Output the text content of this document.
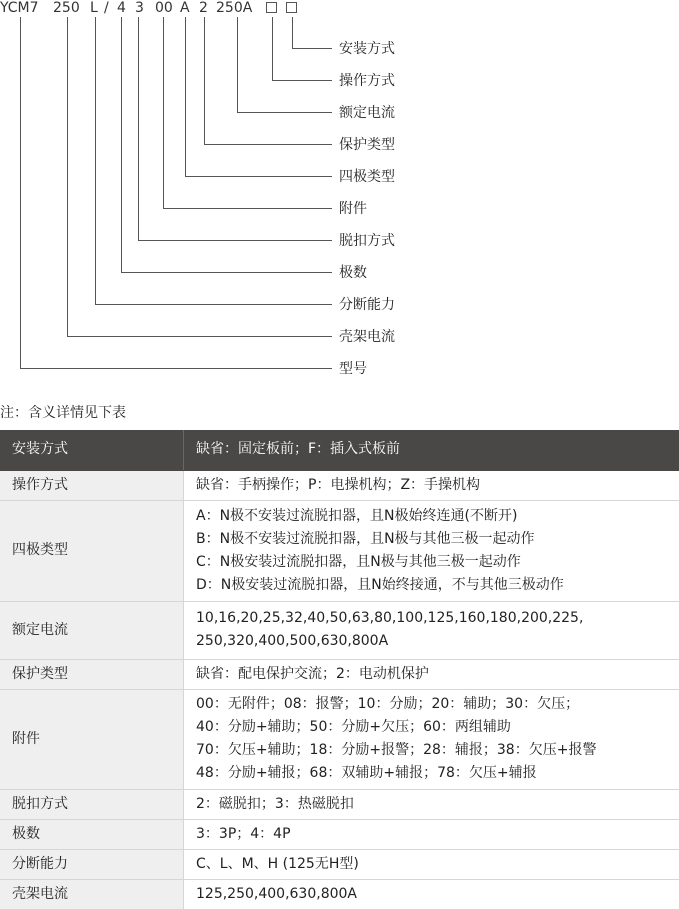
YCM7 250 L / 4 3 00 A 2 250A
安装方式
操作方式
额定电流
保护类型
四极类型
附件
脱扣方式
极数
分断能力
壳架电流
型号
注：含义详情见下表
安装方式	缺省：固定板前；F：插入式板前
操作方式	缺省：手柄操作；P：电操机构；Z：手操机构

四极类型	A：N极不安装过流脱扣器，且N极始终连通(不断开)
B：N极不安装过流脱扣器，且N极与其他三极一起动作
C：N极安装过流脱扣器，且N极与其他三极一起动作
D：N极安装过流脱扣器，且N始终接通，不与其他三极动作

额定电流	10,16,20,25,32,40,50,63,80,100,125,160,180,200,225,
250,320,400,500,630,800A

保护类型	缺省：配电保护交流；2：电动机保护

附件	00：无附件；08：报警；10：分励；20：辅助；30：欠压；
40：分励+辅助；50：分励+欠压；60：两组辅助
70：欠压+辅助；18：分励+报警；28：辅报；38：欠压+报警
48：分励+辅报；68：双辅助+辅报；78：欠压+辅报

脱扣方式	2：磁脱扣；3：热磁脱扣

极数	3：3P；4：4P

分断能力	C、L、M、H (125无H型)

壳架电流	125,250,400,630,800A
